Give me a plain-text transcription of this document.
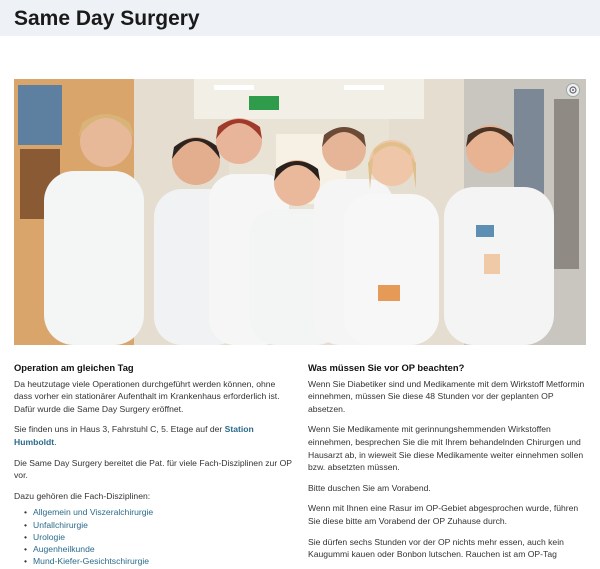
Same Day Surgery
Operation am gleichen Tag

Da heutzutage viele Operationen durchgeführt werden können, ohne dass vorher ein stationärer Aufenthalt im Krankenhaus erforderlich ist. Dafür wurde die Same Day Surgery eröffnet.

Sie finden uns in Haus 3, Fahrstuhl C, 5. Etage auf der Station Humboldt.

Die Same Day Surgery bereitet die Pat. für viele Fach-Disziplinen zur OP vor.

Dazu gehören die Fach-Disziplinen:

• Allgemein und Viszeralchirurgie
• Unfallchirurgie
• Urologie
• Augenheilkunde
• Mund-Kiefer-Gesichtschirurgie
Was müssen Sie vor OP beachten?

Wenn Sie Diabetiker sind und Medikamente mit dem Wirkstoff Metformin einnehmen, müssen Sie diese 48 Stunden vor der geplanten OP absetzen.

Wenn Sie Medikamente mit gerinnungshemmenden Wirkstoffen einnehmen, besprechen Sie die mit Ihrem behandelnden Chirurgen und Hausarzt ab, in wieweit Sie diese Medikamente weiter einnehmen sollen bzw. absetzten müssen.

Bitte duschen Sie am Vorabend.

Wenn mit Ihnen eine Rasur im OP-Gebiet abgesprochen wurde, führen Sie diese bitte am Vorabend der OP Zuhause durch.

Sie dürfen sechs Stunden vor der OP nichts mehr essen, auch kein Kaugummi kauen oder Bonbon lutschen. Rauchen ist am OP-Tag
